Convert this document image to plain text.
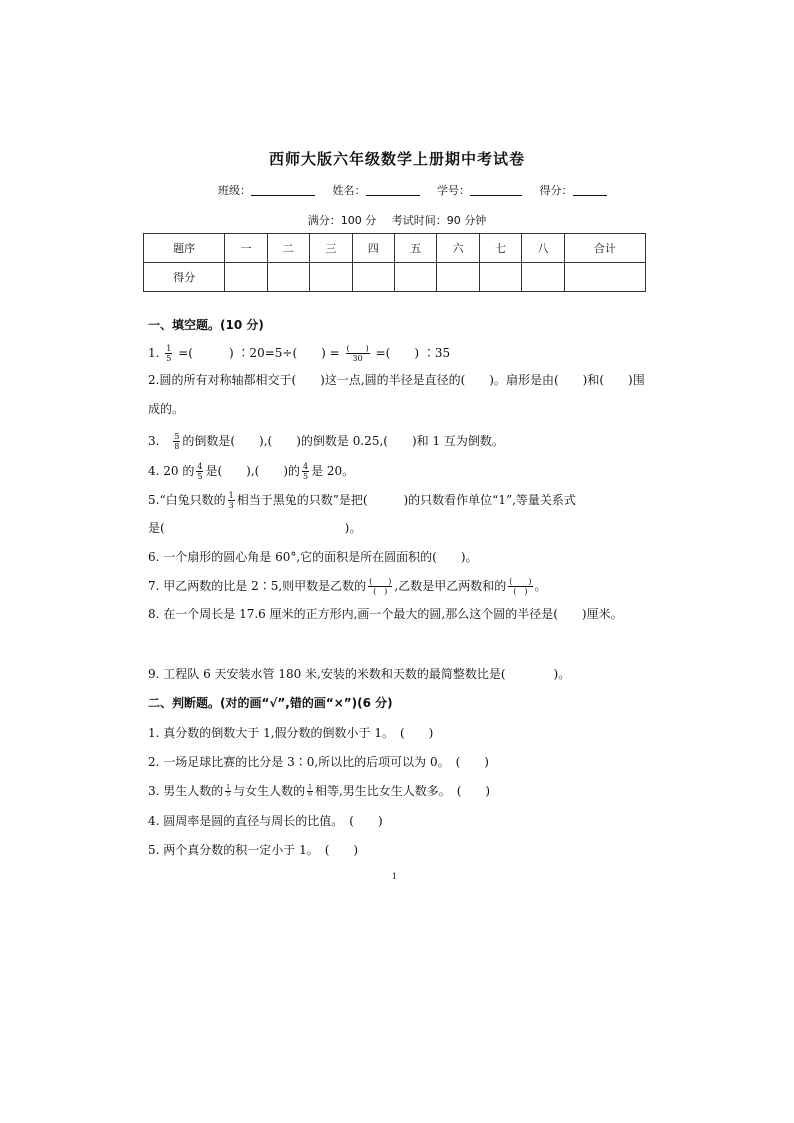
西师大版六年级数学上册期中考试卷
班级：	姓名：	学号：	得分：
满分：100 分 考试时间：90 分钟
题序	一	二	三	四	五	六	七	八	合计
得分									
一、填空题。(10 分)
1. $\frac{1}{5}$ =(　　　) ∶20=5÷(　　) = $\frac{( )}{30}$ =(　　) ∶35
2.圆的所有对称轴都相交于(　　)这一点,圆的半径是直径的(　　)。扇形是由(　　)和(　　)围成的。
3. $\frac{5}{8}$ 的倒数是(　　),(　　)的倒数是 0.25,(　　)和 1 互为倒数。
4. 20 的 $\frac{4}{5}$ 是(　　),(　　)的 $\frac{4}{5}$ 是 20。
5.“白兔只数的 $\frac{1}{3}$ 相当于黑兔的只数”是把(　　　)的只数看作单位“1”,等量关系式
是(　　　　　　　　　　　　　　　)。
6. 一个扇形的圆心角是 60°,它的面积是所在圆面积的(　　)。
7. 甲乙两数的比是 2∶5,则甲数是乙数的 $\frac{( )}{( )}$ ,乙数是甲乙两数和的 $\frac{( )}{( )}$ 。
8. 在一个周长是 17.6 厘米的正方形内,画一个最大的圆,那么这个圆的半径是(　　)厘米。
9. 工程队 6 天安装水管 180 米,安装的米数和天数的最简整数比是(　　　　)。
二、判断题。(对的画“√”,错的画“×”)(6 分)
1. 真分数的倒数大于 1,假分数的倒数小于 1。　(　　)
2. 一场足球比赛的比分是 3∶0,所以比的后项可以为 0。　(　　)
3. 男生人数的 $\frac{1}{5}$ 与女生人数的 $\frac{1}{6}$ 相等,男生比女生人数多。　(　　)
4. 圆周率是圆的直径与周长的比值。　(　　)
5. 两个真分数的积一定小于 1。　(　　)
1
